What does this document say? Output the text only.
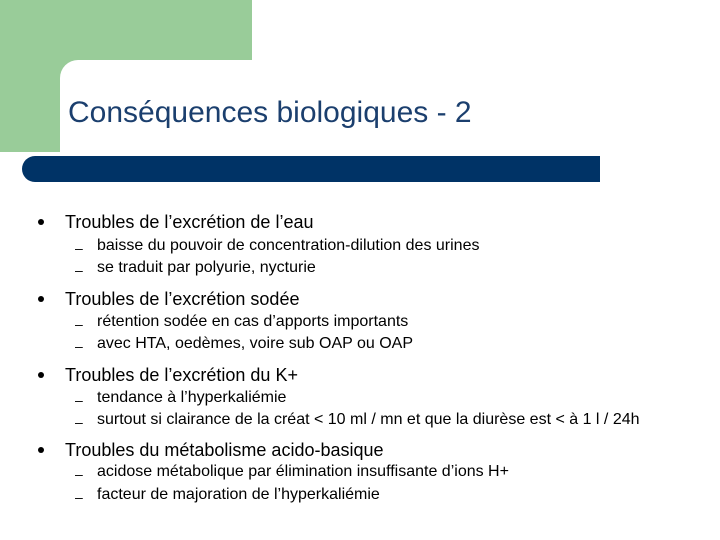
Conséquences biologiques - 2
Troubles de l’excrétion de l’eau
– baisse du pouvoir de concentration-dilution des urines
– se traduit par polyurie, nycturie
Troubles de l’excrétion sodée
– rétention sodée en cas d’apports importants
– avec HTA, oedèmes, voire sub OAP ou OAP
Troubles de l’excrétion du K+
– tendance à l’hyperkaliémie
– surtout si clairance de la créat < 10 ml / mn et que la diurèse est < à 1 l / 24h
Troubles du métabolisme acido-basique
– acidose métabolique par élimination insuffisante d’ions H+
– facteur de majoration de l’hyperkaliémie
